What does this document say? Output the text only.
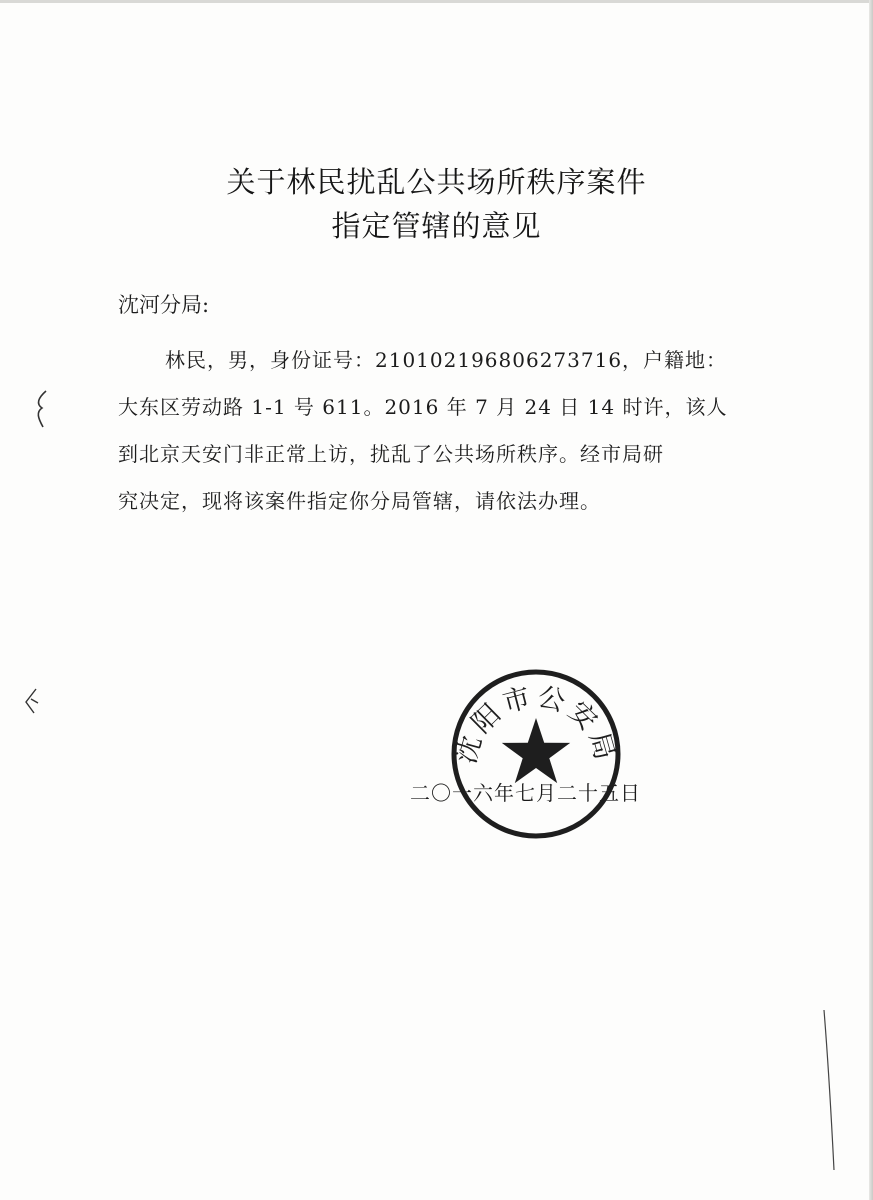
关于林民扰乱公共场所秩序案件
指定管辖的意见
沈河分局:
林民，男，身份证号：210102196806273716，户籍地：
大东区劳动路 1-1 号 611。2016 年 7 月 24 日 14 时许，该人
到北京天安门非正常上访，扰乱了公共场所秩序。经市局研
究决定，现将该案件指定你分局管辖，请依法办理。
二〇一六年七月二十五日
沈阳市公安局
